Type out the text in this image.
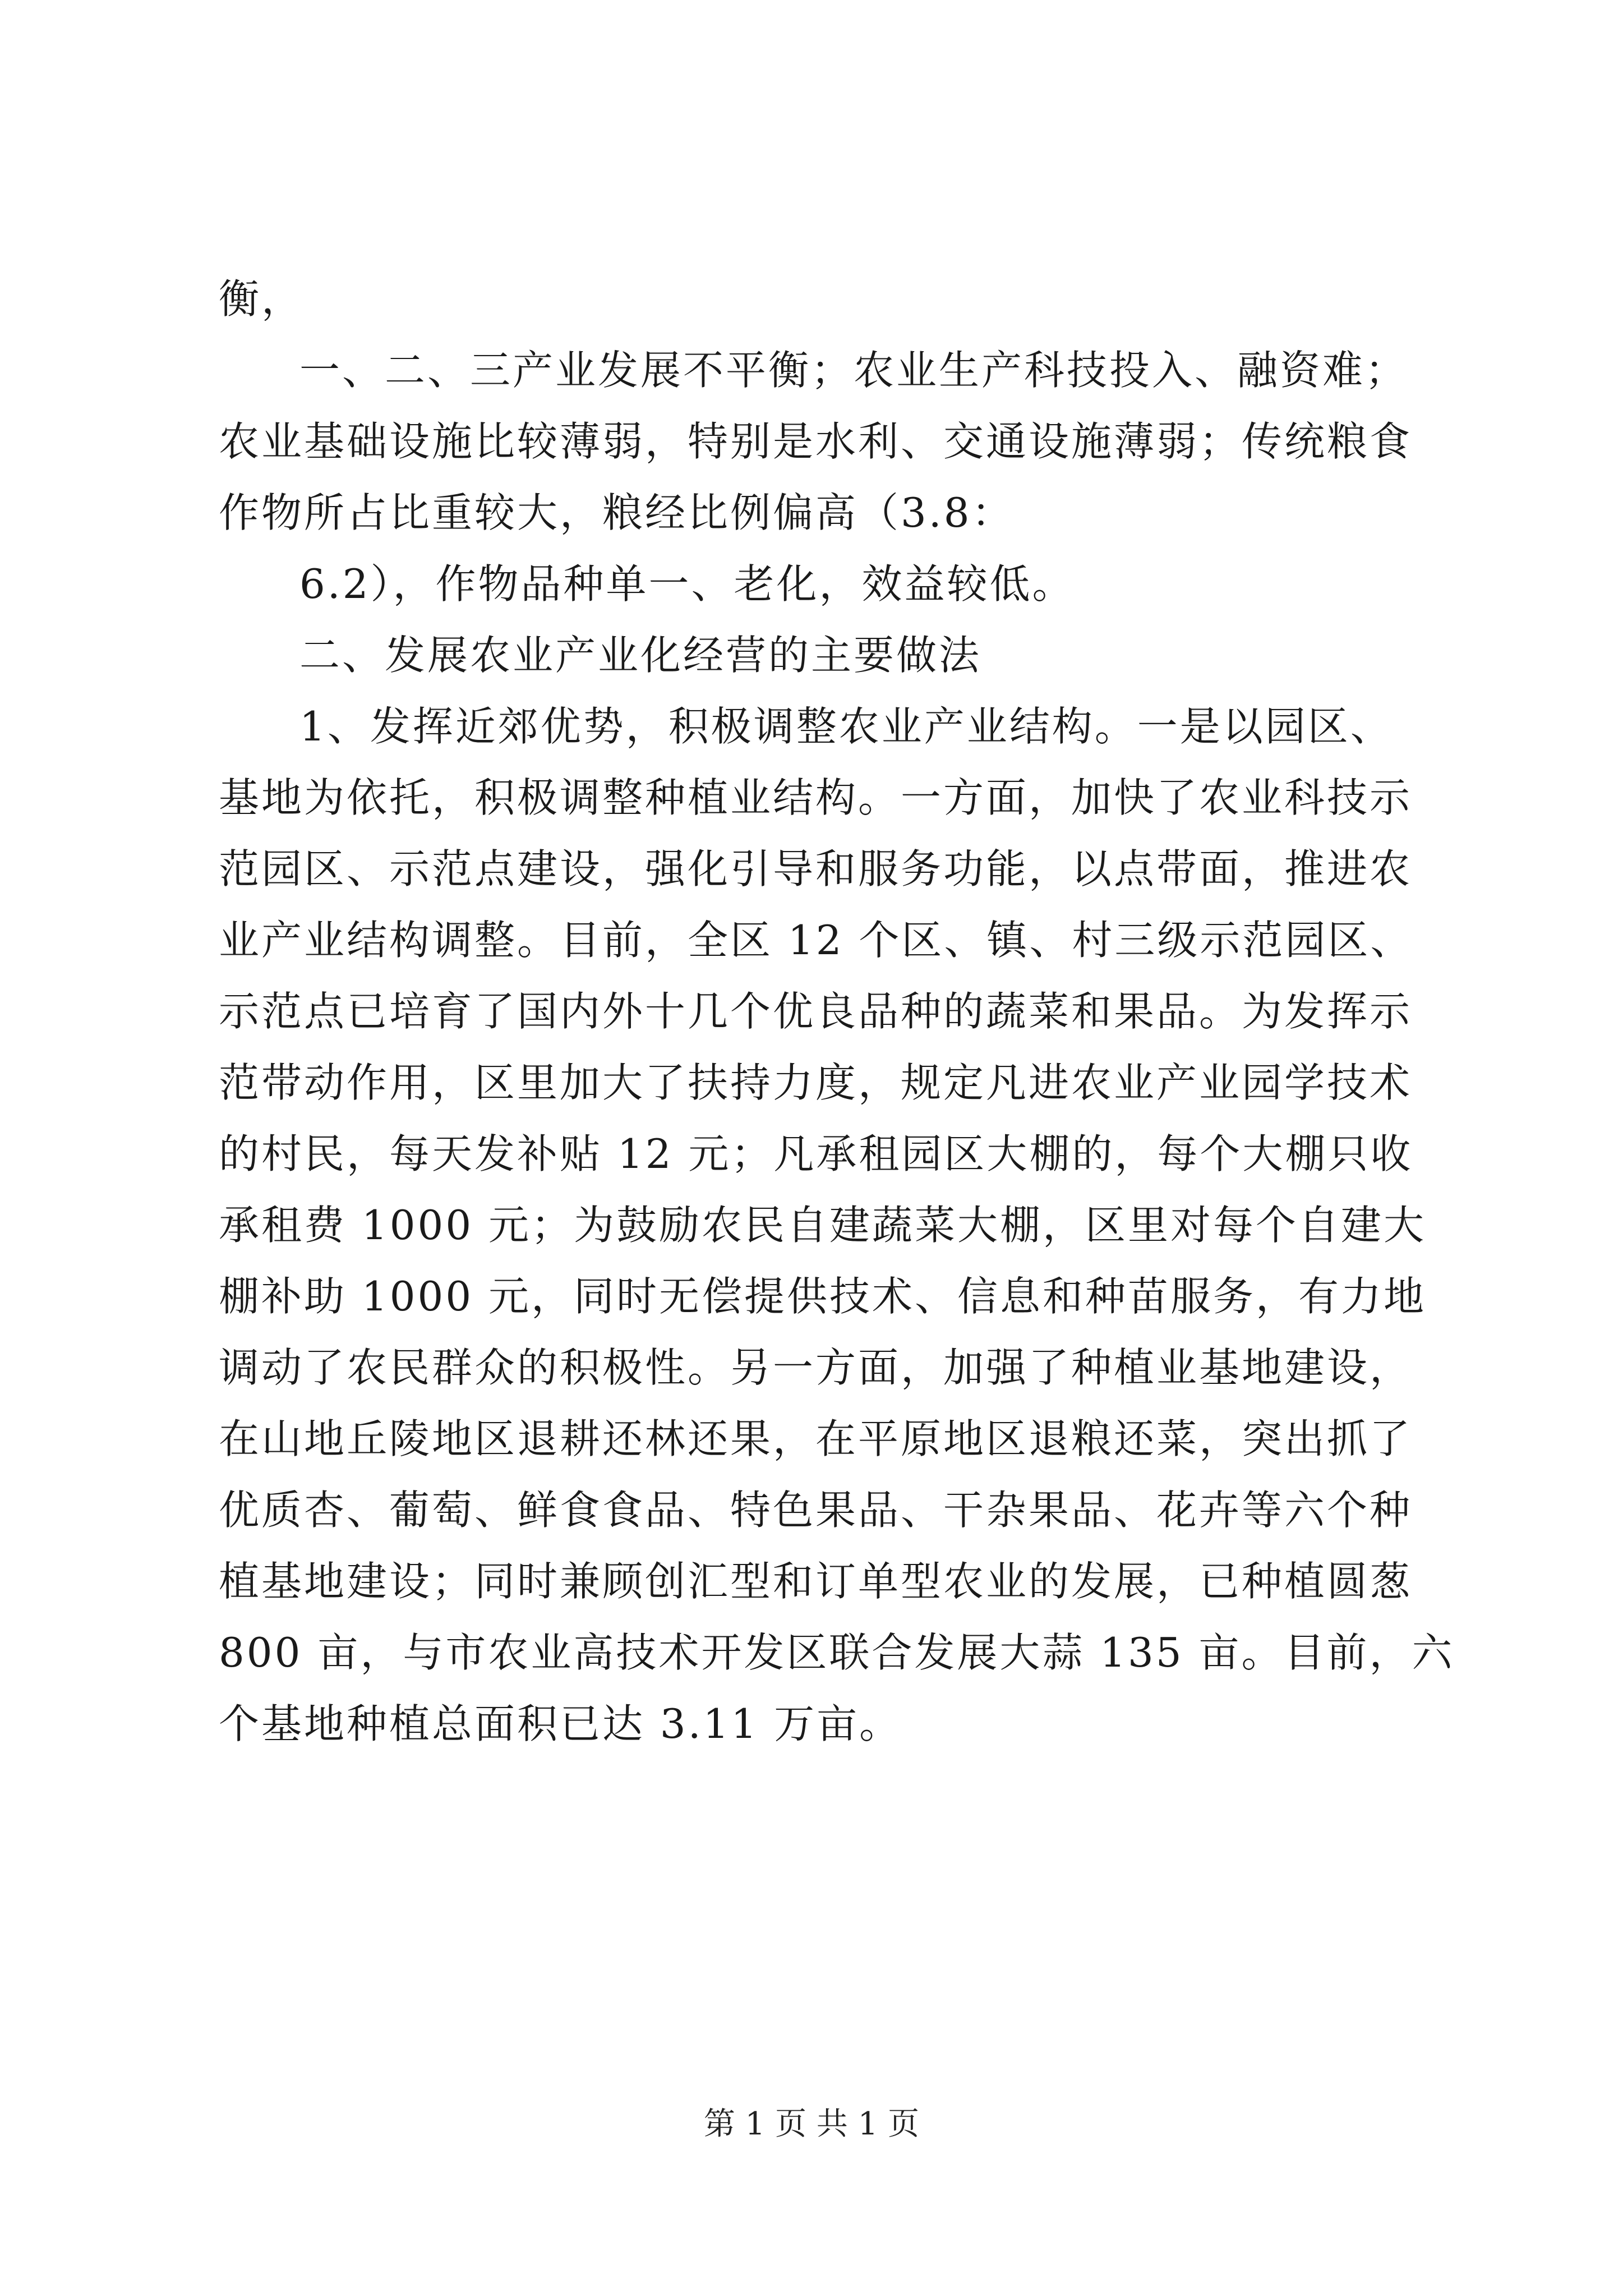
衡，
一、二、三产业发展不平衡；农业生产科技投入、融资难；
农业基础设施比较薄弱，特别是水利、交通设施薄弱；传统粮食
作物所占比重较大，粮经比例偏高（3.8：
6.2），作物品种单一、老化，效益较低。
二、发展农业产业化经营的主要做法
1、发挥近郊优势，积极调整农业产业结构。一是以园区、
基地为依托，积极调整种植业结构。一方面，加快了农业科技示
范园区、示范点建设，强化引导和服务功能，以点带面，推进农
业产业结构调整。目前，全区 12 个区、镇、村三级示范园区、
示范点已培育了国内外十几个优良品种的蔬菜和果品。为发挥示
范带动作用，区里加大了扶持力度，规定凡进农业产业园学技术
的村民，每天发补贴 12 元；凡承租园区大棚的，每个大棚只收
承租费 1000 元；为鼓励农民自建蔬菜大棚，区里对每个自建大
棚补助 1000 元，同时无偿提供技术、信息和种苗服务，有力地
调动了农民群众的积极性。另一方面，加强了种植业基地建设，
在山地丘陵地区退耕还林还果，在平原地区退粮还菜，突出抓了
优质杏、葡萄、鲜食食品、特色果品、干杂果品、花卉等六个种
植基地建设；同时兼顾创汇型和订单型农业的发展，已种植圆葱
800 亩，与市农业高技术开发区联合发展大蒜 135 亩。目前，六
个基地种植总面积已达 3.11 万亩。
第 1 页 共 1 页
